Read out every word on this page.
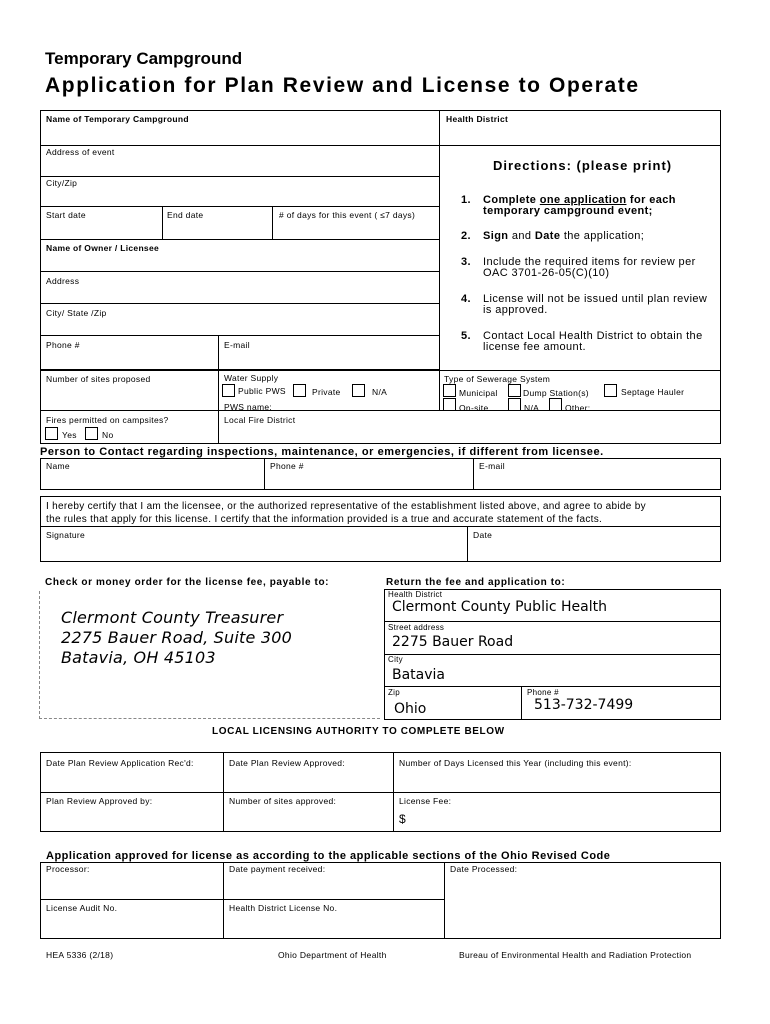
Temporary Campground
Application for Plan Review and License to Operate
Name of Temporary Campground	Health District
Address of event
City/Zip
Start date	End date	# of days for this event ( ≤7 days)
Name of Owner / Licensee
Address
City/ State /Zip
Phone #	E-mail
Directions: (please print)
1. Complete one application for each temporary campground event;
2. Sign and Date the application;
3. Include the required items for review per OAC 3701-26-05(C)(10)
4. License will not be issued until plan review is approved.
5. Contact Local Health District to obtain the license fee amount.
Number of sites proposed	Water Supply
Public PWS	Private	N/A
PWS name:
Type of Sewerage System
Municipal	Dump Station(s)	Septage Hauler
On-site	N/A	Other:
Fires permitted on campsites?
Yes	No
Local Fire District
Person to Contact regarding inspections, maintenance, or emergencies, if different from licensee.
Name	Phone #	E-mail
I hereby certify that I am the licensee, or the authorized representative of the establishment listed above, and agree to abide by
the rules that apply for this license. I certify that the information provided is a true and accurate statement of the facts.
Signature	Date
Check or money order for the license fee, payable to:
Clermont County Treasurer
2275 Bauer Road, Suite 300
Batavia, OH 45103
Return the fee and application to:
Health District
Clermont County Public Health
Street address
2275 Bauer Road
City
Batavia
Zip
Ohio
Phone #
513-732-7499
LOCAL LICENSING AUTHORITY TO COMPLETE BELOW
Date Plan Review Application Rec'd:	Date Plan Review Approved:	Number of Days Licensed this Year (including this event):
Plan Review Approved by:	Number of sites approved:	License Fee:
$
Application approved for license as according to the applicable sections of the Ohio Revised Code
Processor:	Date payment received:	Date Processed:
License Audit No.	Health District License No.
HEA 5336 (2/18)	Ohio Department of Health	Bureau of Environmental Health and Radiation Protection
